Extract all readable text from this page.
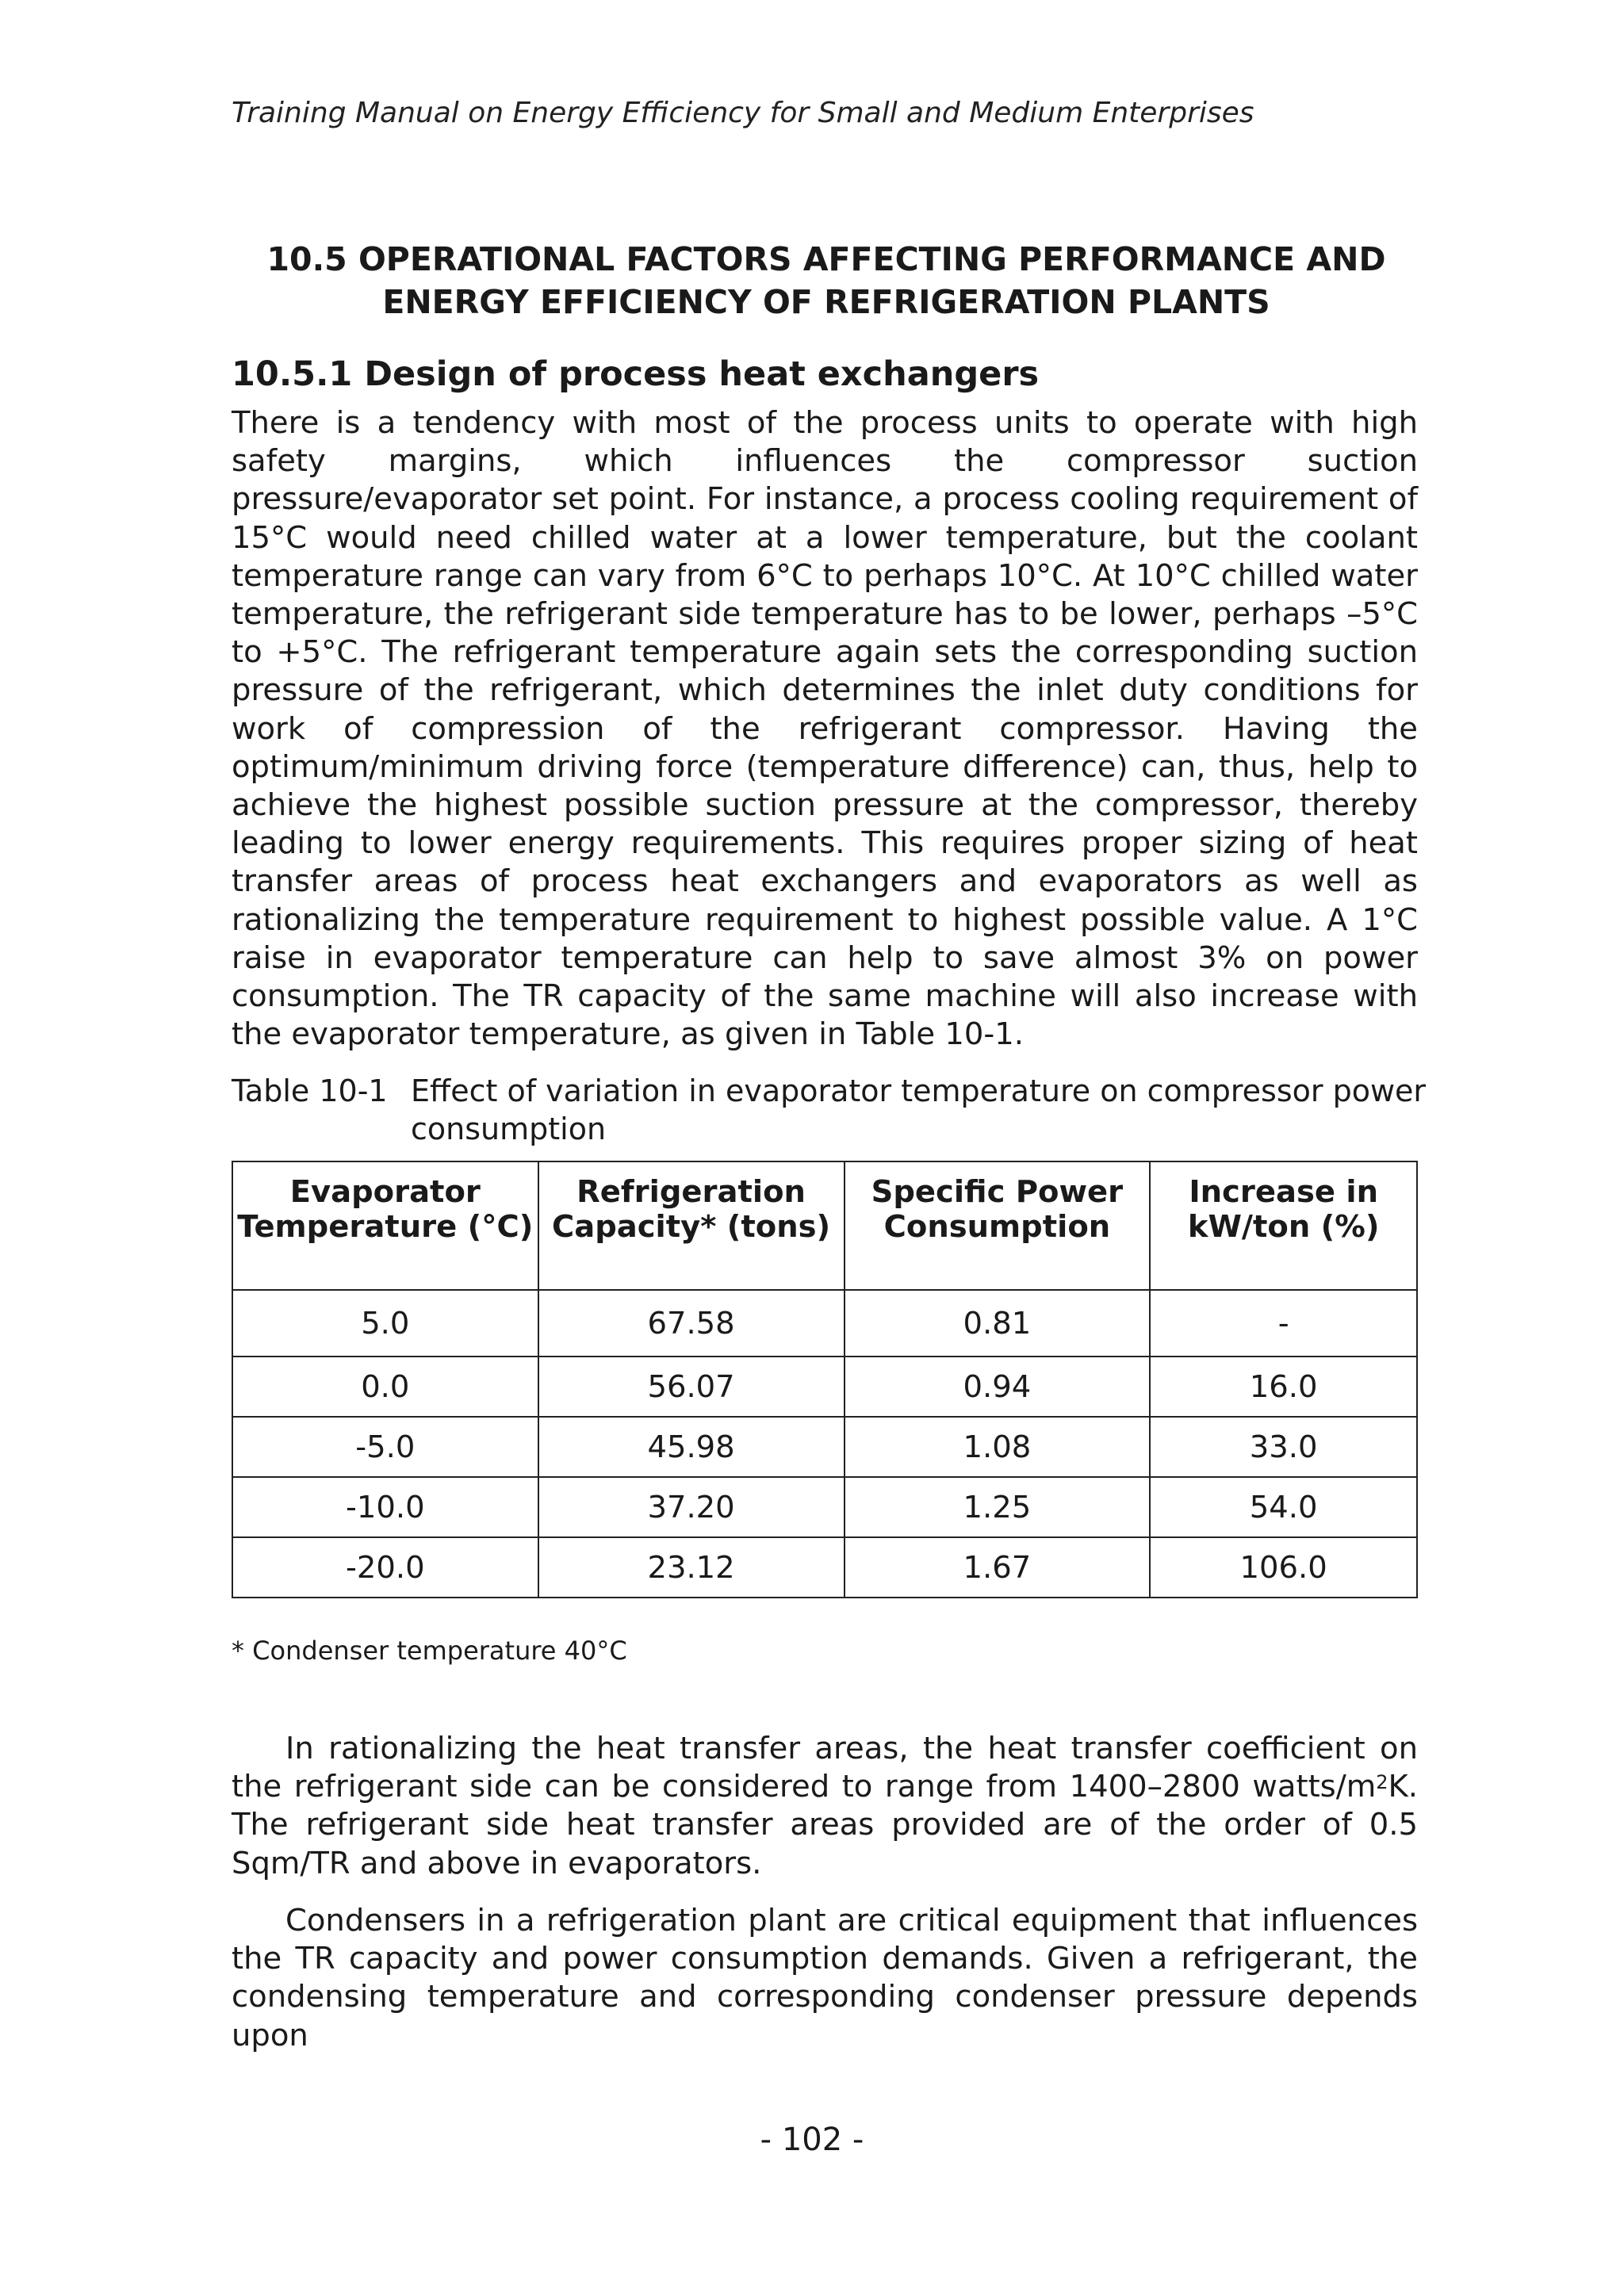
Training Manual on Energy Efficiency for Small and Medium Enterprises
10.5 OPERATIONAL FACTORS AFFECTING PERFORMANCE AND ENERGY EFFICIENCY OF REFRIGERATION PLANTS
10.5.1 Design of process heat exchangers

There is a tendency with most of the process units to operate with high safety margins, which influences the compressor suction pressure/evaporator set point. For instance, a process cooling requirement of 15°C would need chilled water at a lower temperature, but the coolant temperature range can vary from 6°C to perhaps 10°C. At 10°C chilled water temperature, the refrigerant side temperature has to be lower, perhaps –5°C to +5°C. The refrigerant temperature again sets the corresponding suction pressure of the refrigerant, which determines the inlet duty conditions for work of compression of the refrigerant compressor. Having the optimum/minimum driving force (temperature difference) can, thus, help to achieve the highest possible suction pressure at the compressor, thereby leading to lower energy requirements. This requires proper sizing of heat transfer areas of process heat exchangers and evaporators as well as rationalizing the temperature requirement to highest possible value. A 1°C raise in evaporator temperature can help to save almost 3% on power consumption. The TR capacity of the same machine will also increase with the evaporator temperature, as given in Table 10-1.

Table 10-1 Effect of variation in evaporator temperature on compressor power consumption
Evaporator Temperature (°C)	Refrigeration Capacity* (tons)	Specific Power Consumption	Increase in kW/ton (%)
5.0	67.58	0.81	-
0.0	56.07	0.94	16.0
-5.0	45.98	1.08	33.0
-10.0	37.20	1.25	54.0
-20.0	23.12	1.67	106.0
* Condenser temperature 40°C

In rationalizing the heat transfer areas, the heat transfer coefficient on the refrigerant side can be considered to range from 1400–2800 watts/$m^2K$. The refrigerant side heat transfer areas provided are of the order of 0.5 Sqm/TR and above in evaporators.

Condensers in a refrigeration plant are critical equipment that influences the TR capacity and power consumption demands. Given a refrigerant, the condensing temperature and corresponding condenser pressure depends upon

- 102 -
